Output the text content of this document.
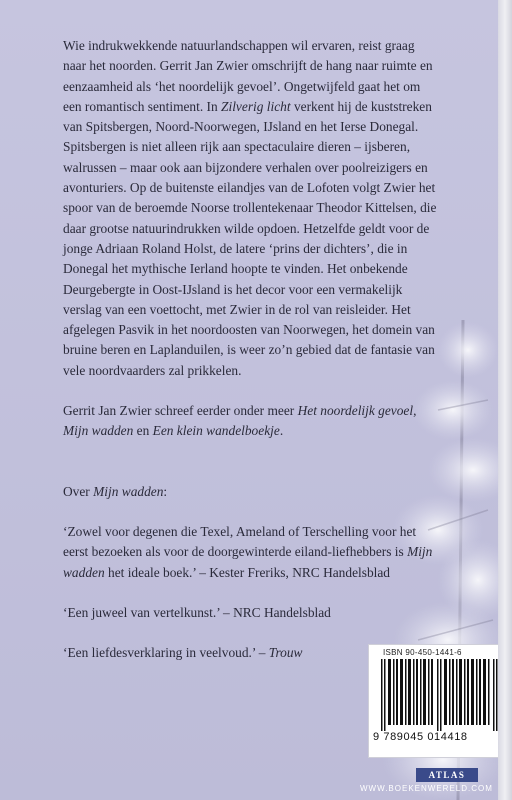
Wie indrukwekkende natuurlandschappen wil ervaren, reist graag naar het noorden. Gerrit Jan Zwier omschrijft de hang naar ruimte en eenzaamheid als ‘het noordelijk gevoel’. Ongetwijfeld gaat het om een romantisch sentiment. In Zilverig licht verkent hij de kuststreken van Spitsbergen, Noord-Noorwegen, IJsland en het Ierse Donegal. Spitsbergen is niet alleen rijk aan spectaculaire dieren – ijsberen, walrussen – maar ook aan bijzondere verhalen over poolreizigers en avonturiers. Op de buitenste eilandjes van de Lofoten volgt Zwier het spoor van de beroemde Noorse trollentekenaar Theodor Kittelsen, die daar grootse natuurindrukken wilde opdoen. Hetzelfde geldt voor de jonge Adriaan Roland Holst, de latere ‘prins der dichters’, die in Donegal het mythische Ierland hoopte te vinden. Het onbekende Deurgebergte in Oost-IJsland is het decor voor een vermakelijk verslag van een voettocht, met Zwier in de rol van reisleider. Het afgelegen Pasvik in het noordoosten van Noorwegen, het domein van bruine beren en Laplanduilen, is weer zo’n gebied dat de fantasie van vele noordvaarders zal prikkelen.

Gerrit Jan Zwier schreef eerder onder meer Het noordelijk gevoel, Mijn wadden en Een klein wandelboekje.

Over Mijn wadden:

‘Zowel voor degenen die Texel, Ameland of Terschelling voor het eerst bezoeken als voor de doorgewinterde eiland-liefhebbers is Mijn wadden het ideale boek.’ – Kester Freriks, NRC Handelsblad

‘Een juweel van vertelkunst.’ – NRC Handelsblad

‘Een liefdesverklaring in veelvoud.’ – Trouw	ISBN 90-450-1441-6
9 789045 014418
ATLAS
WWW.BOEKENWERELD.COM
